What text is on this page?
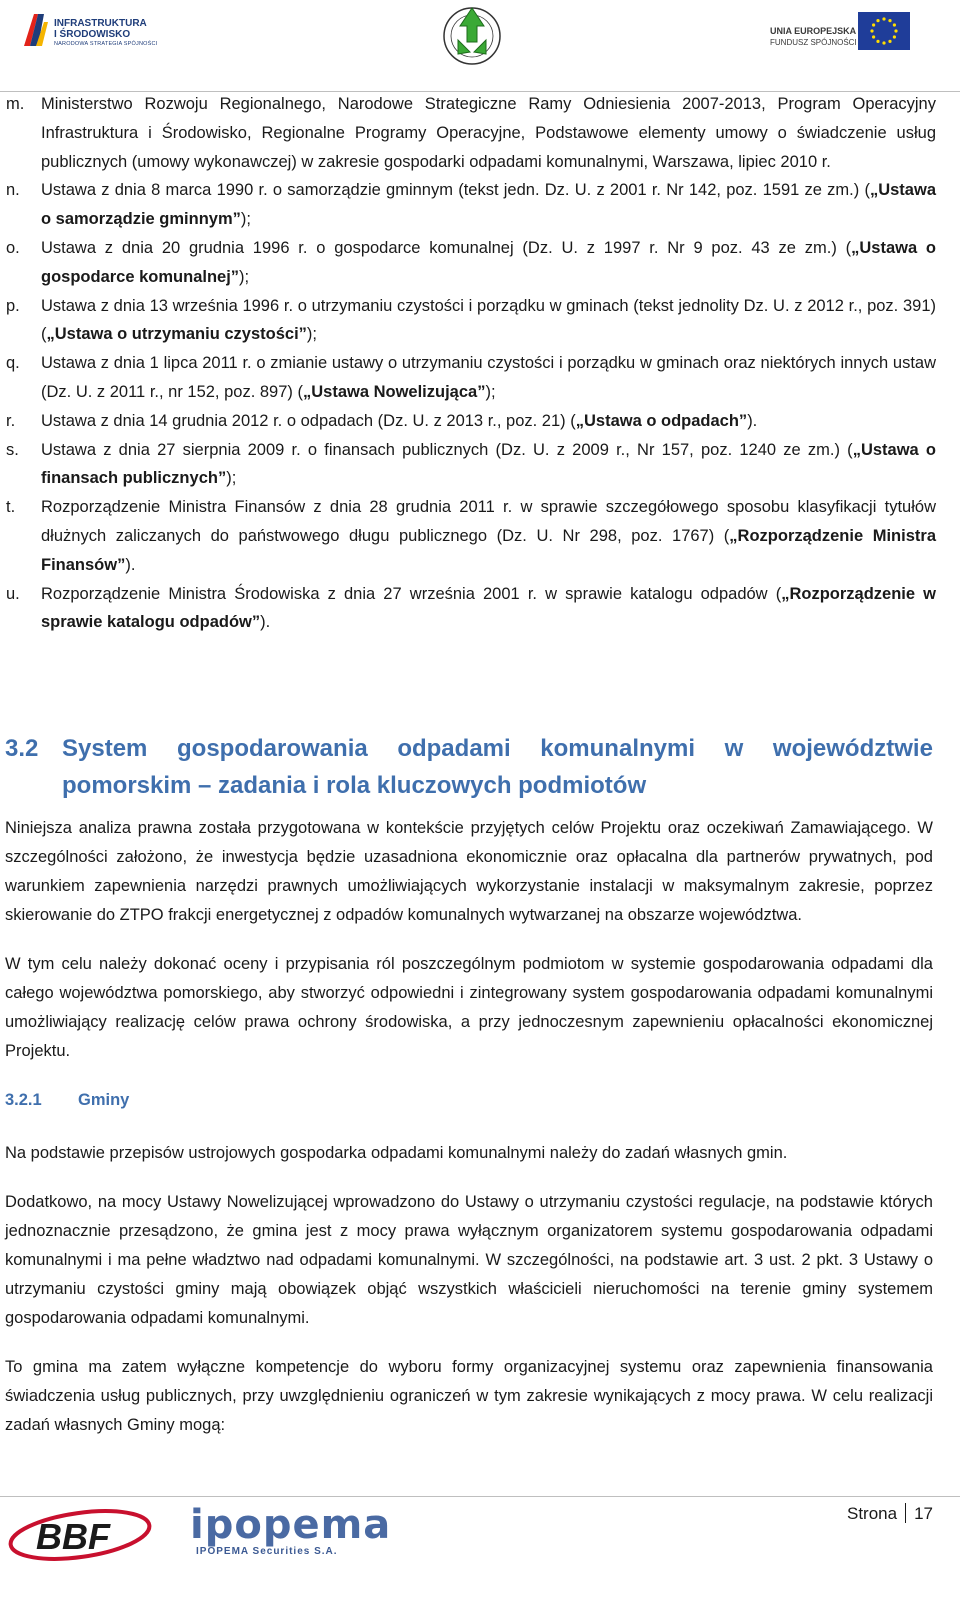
INFRASTRUKTURA
I ŚRODOWISKO
NARODOWA STRATEGIA SPÓJNOŚCI
UNIA EUROPEJSKA
FUNDUSZ SPÓJNOŚCI
m. Ministerstwo Rozwoju Regionalnego, Narodowe Strategiczne Ramy Odniesienia 2007-2013, Program Operacyjny Infrastruktura i Środowisko, Regionalne Programy Operacyjne, Podstawowe elementy umowy o świadczenie usług publicznych (umowy wykonawczej) w zakresie gospodarki odpadami komunalnymi, Warszawa, lipiec 2010 r.
n. Ustawa z dnia 8 marca 1990 r. o samorządzie gminnym (tekst jedn. Dz. U. z 2001 r. Nr 142, poz. 1591 ze zm.) („Ustawa o samorządzie gminnym”);
o. Ustawa z dnia 20 grudnia 1996 r. o gospodarce komunalnej (Dz. U. z 1997 r. Nr 9 poz. 43 ze zm.) („Ustawa o gospodarce komunalnej”);
p. Ustawa z dnia 13 września 1996 r. o utrzymaniu czystości i porządku w gminach (tekst jednolity Dz. U. z 2012 r., poz. 391) („Ustawa o utrzymaniu czystości”);
q. Ustawa z dnia 1 lipca 2011 r. o zmianie ustawy o utrzymaniu czystości i porządku w gminach oraz niektórych innych ustaw (Dz. U. z 2011 r., nr 152, poz. 897) („Ustawa Nowelizująca”);
r. Ustawa z dnia 14 grudnia 2012 r. o odpadach (Dz. U. z 2013 r., poz. 21) („Ustawa o odpadach”).
s. Ustawa z dnia 27 sierpnia 2009 r. o finansach publicznych (Dz. U. z 2009 r., Nr 157, poz. 1240 ze zm.) („Ustawa o finansach publicznych”);
t. Rozporządzenie Ministra Finansów z dnia 28 grudnia 2011 r. w sprawie szczegółowego sposobu klasyfikacji tytułów dłużnych zaliczanych do państwowego długu publicznego (Dz. U. Nr 298, poz. 1767) („Rozporządzenie Ministra Finansów”).
u. Rozporządzenie Ministra Środowiska z dnia 27 września 2001 r. w sprawie katalogu odpadów („Rozporządzenie w sprawie katalogu odpadów”).
3.2 System gospodarowania odpadami komunalnymi w województwie
pomorskim – zadania i rola kluczowych podmiotów

Niniejsza analiza prawna została przygotowana w kontekście przyjętych celów Projektu oraz oczekiwań Zamawiającego. W szczególności założono, że inwestycja będzie uzasadniona ekonomicznie oraz opłacalna dla partnerów prywatnych, pod warunkiem zapewnienia narzędzi prawnych umożliwiających wykorzystanie instalacji w maksymalnym zakresie, poprzez skierowanie do ZTPO frakcji energetycznej z odpadów komunalnych wytwarzanej na obszarze województwa.

W tym celu należy dokonać oceny i przypisania ról poszczególnym podmiotom w systemie gospodarowania odpadami dla całego województwa pomorskiego, aby stworzyć odpowiedni i zintegrowany system gospodarowania odpadami komunalnymi umożliwiający realizację celów prawa ochrony środowiska, a przy jednoczesnym zapewnieniu opłacalności ekonomicznej Projektu.

3.2.1 Gminy

Na podstawie przepisów ustrojowych gospodarka odpadami komunalnymi należy do zadań własnych gmin.

Dodatkowo, na mocy Ustawy Nowelizującej wprowadzono do Ustawy o utrzymaniu czystości regulacje, na podstawie których jednoznacznie przesądzono, że gmina jest z mocy prawa wyłącznym organizatorem systemu gospodarowania odpadami komunalnymi i ma pełne władztwo nad odpadami komunalnymi. W szczególności, na podstawie art. 3 ust. 2 pkt. 3 Ustawy o utrzymaniu czystości gminy mają obowiązek objąć wszystkich właścicieli nieruchomości na terenie gminy systemem gospodarowania odpadami komunalnymi.

To gmina ma zatem wyłączne kompetencje do wyboru formy organizacyjnej systemu oraz zapewnienia finansowania świadczenia usług publicznych, przy uwzględnieniu ograniczeń w tym zakresie wynikających z mocy prawa. W celu realizacji zadań własnych Gminy mogą:

BBF ipopema
IPOPEMA Securities S.A.
Strona 17
